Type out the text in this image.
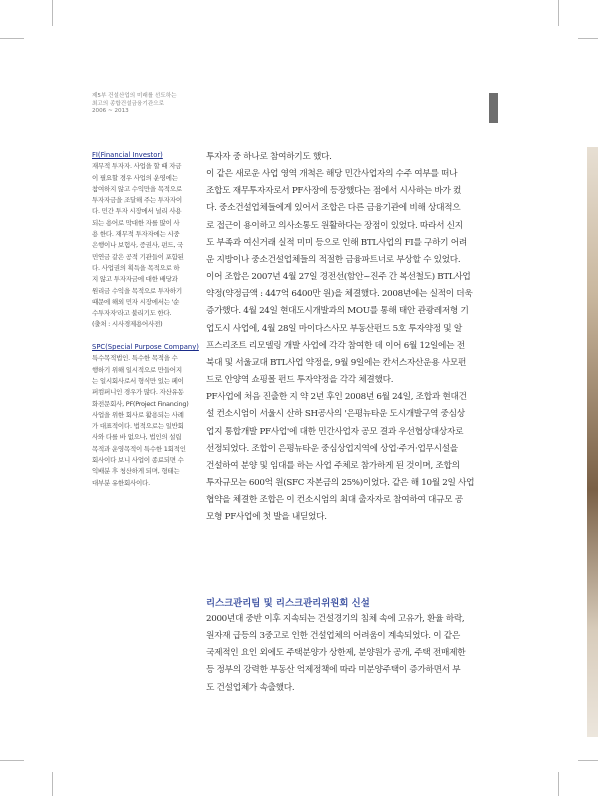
제5부 건설산업의 미래를 선도하는
최고의 종합건설금융기관으로
2006 ~ 2013
FI(Financial Investor)
재무적 투자자. 사업을 할 때 자금
이 필요할 경우 사업의 운영에는
참여하지 않고 수익만을 목적으로
투자자금을 조달해 주는 투자자이
다. 민간 투자 시장에서 널리 사용
되는 용어로 막대한 자를 많이 사
용 한다. 재무적 투자자에는 시중
은행이나 보험사, 증권사, 펀드, 국
민연금 같은 공적 기관들이 포함된
다. 사업권의 획득을 목적으로 하
지 않고 투자자금에 대한 배당과
원리금 수익을 목적으로 투자하기
때문에 해외 민자 시장에서는 '순
수투자자'라고 불리기도 한다.
(출처 : 시사경제용어사전)
SPC(Special Purpose Company)
특수목적법인. 특수한 목적을 수
행하기 위해 일시적으로 만들어지
는 일시회사로서 형식만 있는 페이
퍼컴퍼니인 경우가 많다. 자산유동
화전문회사, PF(Project Financing)
사업을 위한 회사로 활용되는 사례
가 대표적이다. 법적으로는 일반회
사와 다를 바 없으나, 법인의 설립
목적과 운영목적이 특수한 1회적인
회사이다 보니 사업이 종료되면 수
익배분 후 청산하게 되며, 형태는
대부분 유한회사이다.
투자자 중 하나로 참여하기도 했다.
이 같은 새로운 사업 영역 개척은 해당 민간사업자의 수주 여부를 떠나
조합도 재무투자자로서 PF사장에 등장했다는 점에서 시사하는 바가 컸
다. 중소건설업체들에게 있어서 조합은 다른 금융기관에 비해 상대적으
로 접근이 용이하고 의사소통도 원활하다는 장점이 있었다. 따라서 신지
도 부족과 여신거래 실적 미미 등으로 인해 BTL사업의 FI를 구하기 어려
운 지방이나 중소건설업체들의 적절한 금융파트너로 부상할 수 있었다.
이어 조합은 2007년 4월 27일 경전선(함안~진주 간 복선철도) BTL사업
약정(약정금액 : 447억 6400만 원)을 체결했다. 2008년에는 실적이 더욱
증가했다. 4월 24일 현대도시개발과의 MOU를 통해 태안 관광레저형 기
업도시 사업에, 4월 28일 마이다스사모 부동산펀드 5호 투자약정 및 알
프스리조트 리모델링 개발 사업에 각각 참여한 데 이어 6월 12일에는 전
북대 및 서울교대 BTL사업 약정을, 9월 9일에는 칸서스자산운용 사모펀
드로 안양역 쇼핑몰 펀드 투자약정을 각각 체결했다.
PF사업에 처음 진출한 지 약 2년 후인 2008년 6월 24일, 조합과 현대건
설 컨소시엄이 서울시 산하 SH공사의 '은평뉴타운 도시개발구역 중심상
업지 통합개발 PF사업'에 대한 민간사업자 공모 결과 우선협상대상자로
선정되었다. 조합이 은평뉴타운 중심상업지역에 상업·주거·업무시설을
건설하여 분양 및 임대를 하는 사업 주체로 참가하게 된 것이며, 조합의
투자규모는 600억 원(SFC 자본금의 25%)이었다. 같은 해 10월 2일 사업
협약을 체결한 조합은 이 컨소시엄의 최대 출자자로 참여하여 대규모 공
모형 PF사업에 첫 발을 내딛었다.
리스크관리팀 및 리스크관리위원회 신설
2000년대 중반 이후 지속되는 건설경기의 침체 속에 고유가, 환율 하락,
원자재 급등의 3중고로 인한 건설업체의 어려움이 계속되었다. 이 같은
국제적인 요인 외에도 주택분양가 상한제, 분양원가 공개, 주택 전매제한
등 정부의 강력한 부동산 억제정책에 따라 미분양주택이 증가하면서 부
도 건설업체가 속출했다.
